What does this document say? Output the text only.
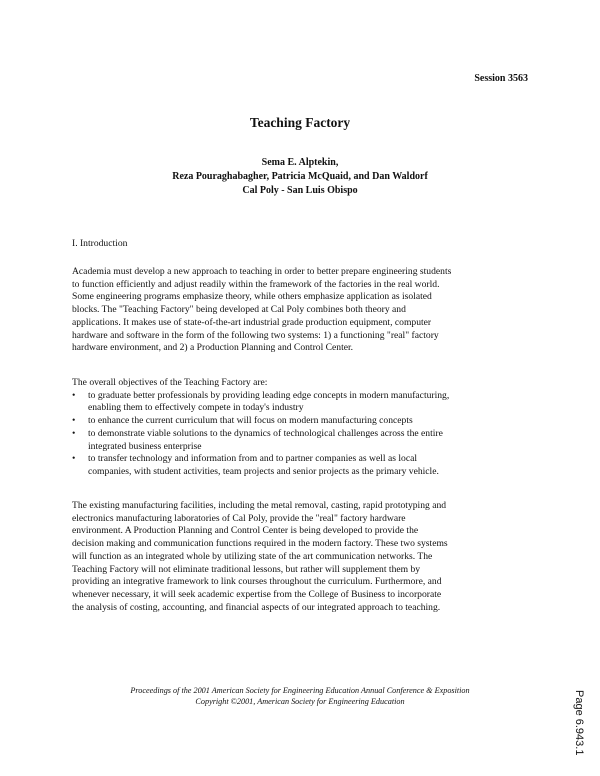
Session 3563
Teaching Factory
Sema E. Alptekin,
Reza Pouraghabagher, Patricia McQuaid, and Dan Waldorf
Cal Poly - San Luis Obispo
I. Introduction
Academia must develop a new approach to teaching in order to better prepare engineering students
to function efficiently and adjust readily within the framework of the factories in the real world.
Some engineering programs emphasize theory, while others emphasize application as isolated
blocks. The "Teaching Factory" being developed at Cal Poly combines both theory and
applications. It makes use of state-of-the-art industrial grade production equipment, computer
hardware and software in the form of the following two systems: 1) a functioning "real" factory
hardware environment, and 2) a Production Planning and Control Center.
The overall objectives of the Teaching Factory are:
• to graduate better professionals by providing leading edge concepts in modern manufacturing,
enabling them to effectively compete in today's industry
• to enhance the current curriculum that will focus on modern manufacturing concepts
• to demonstrate viable solutions to the dynamics of technological challenges across the entire
integrated business enterprise
• to transfer technology and information from and to partner companies as well as local
companies, with student activities, team projects and senior projects as the primary vehicle.
The existing manufacturing facilities, including the metal removal, casting, rapid prototyping and
electronics manufacturing laboratories of Cal Poly, provide the "real" factory hardware
environment. A Production Planning and Control Center is being developed to provide the
decision making and communication functions required in the modern factory. These two systems
will function as an integrated whole by utilizing state of the art communication networks. The
Teaching Factory will not eliminate traditional lessons, but rather will supplement them by
providing an integrative framework to link courses throughout the curriculum. Furthermore, and
whenever necessary, it will seek academic expertise from the College of Business to incorporate
the analysis of costing, accounting, and financial aspects of our integrated approach to teaching.
Proceedings of the 2001 American Society for Engineering Education Annual Conference & Exposition
Copyright ©2001, American Society for Engineering Education	Page 6.943.1
